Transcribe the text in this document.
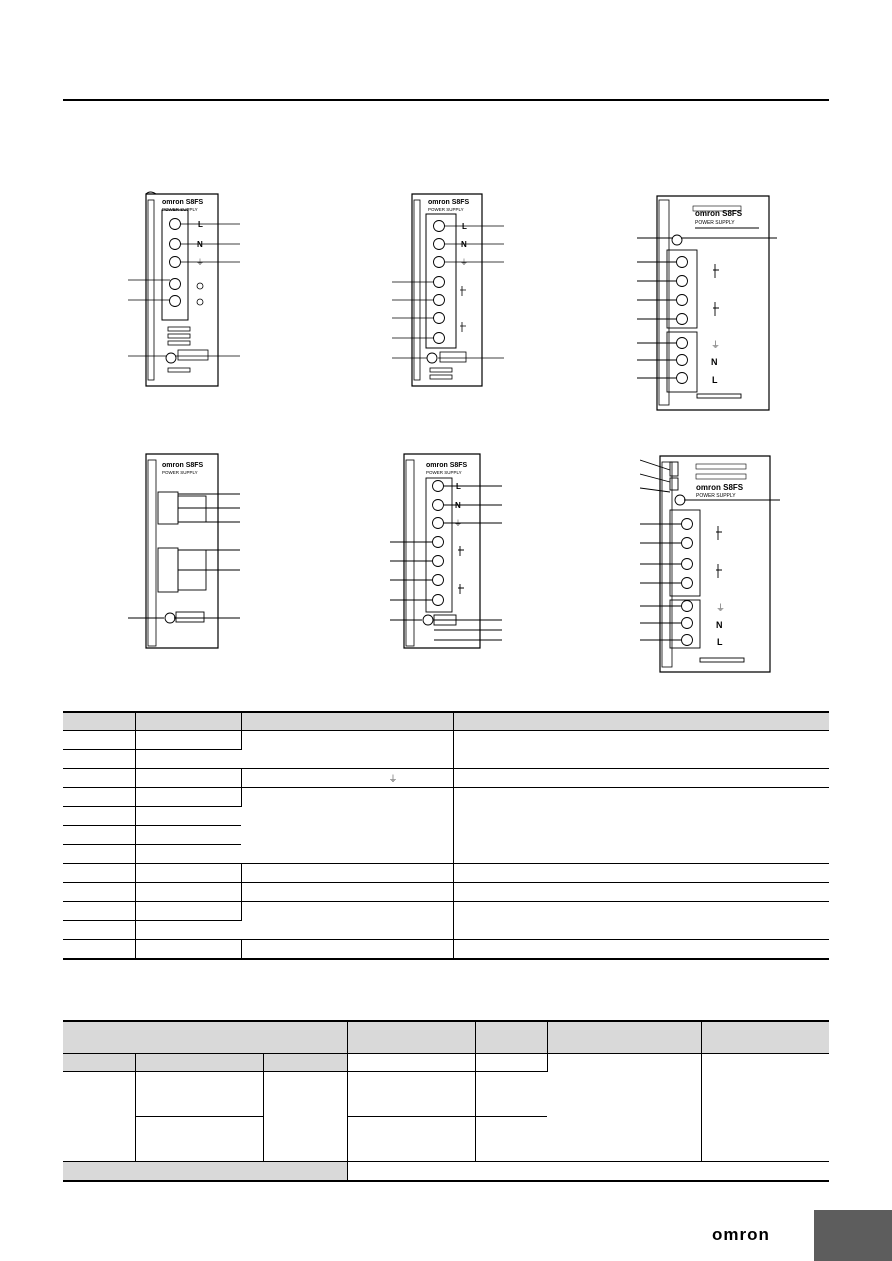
omron S8FS
POWER SUPPLY
L
N
⏚
omron S8FS
POWER SUPPLY
L
N
⏚
omron S8FS
POWER SUPPLY
⏚
N
L
omron S8FS
POWER SUPPLY
omron S8FS
POWER SUPPLY
L
N
⏚
omron S8FS
POWER SUPPLY
⏚
N
L

		⏚	

omron
